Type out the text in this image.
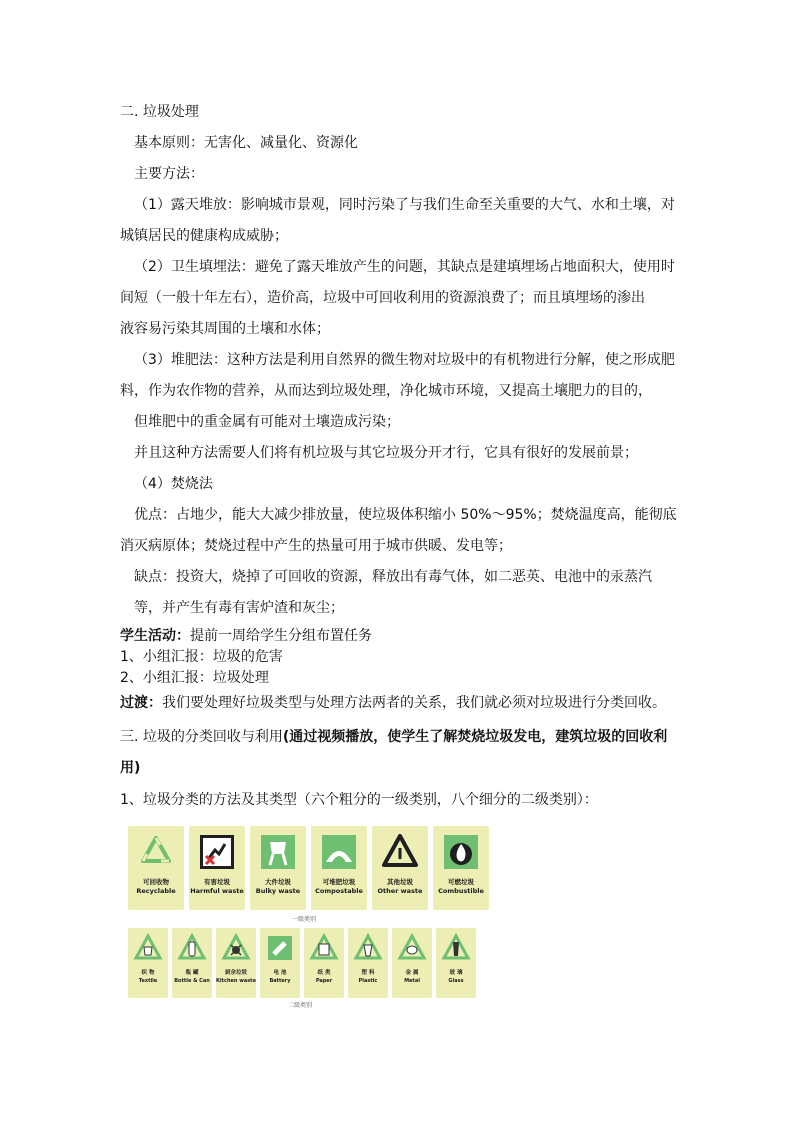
二. 垃圾处理
基本原则：无害化、减量化、资源化
主要方法：
（1）露天堆放：影响城市景观，同时污染了与我们生命至关重要的大气、水和土壤，对
城镇居民的健康构成威胁；
（2）卫生填埋法：避免了露天堆放产生的问题，其缺点是建填埋场占地面积大，使用时
间短（一般十年左右），造价高，垃圾中可回收利用的资源浪费了；而且填埋场的渗出
液容易污染其周围的土壤和水体；
（3）堆肥法：这种方法是利用自然界的微生物对垃圾中的有机物进行分解，使之形成肥
料，作为农作物的营养，从而达到垃圾处理，净化城市环境，又提高土壤肥力的目的，
但堆肥中的重金属有可能对土壤造成污染；
并且这种方法需要人们将有机垃圾与其它垃圾分开才行，它具有很好的发展前景；
（4）焚烧法
优点：占地少，能大大减少排放量，使垃圾体积缩小 50%～95%；焚烧温度高，能彻底
消灭病原体；焚烧过程中产生的热量可用于城市供暖、发电等；
缺点：投资大，烧掉了可回收的资源，释放出有毒气体，如二恶英、电池中的汞蒸汽
等，并产生有毒有害炉渣和灰尘；
学生活动：提前一周给学生分组布置任务
1、小组汇报：垃圾的危害
2、小组汇报：垃圾处理
过渡：我们要处理好垃圾类型与处理方法两者的关系，我们就必须对垃圾进行分类回收。
三. 垃圾的分类回收与利用(通过视频播放，使学生了解焚烧垃圾发电，建筑垃圾的回收利
用)
1、垃圾分类的方法及其类型（六个粗分的一级类别，八个细分的二级类别）：
可回收物
Recyclable
有害垃圾
Harmful waste
大件垃圾
Bulky waste
可堆肥垃圾
Compostable
其他垃圾
Other waste
可燃垃圾
Combustible
一级类别
织 物
Textile
瓶 罐
Bottle & Can
厨余垃圾
Kitchen waste
电 池
Battery
纸 类
Paper
塑 料
Plastic
金 属
Metal
玻 璃
Glass
二级类别
